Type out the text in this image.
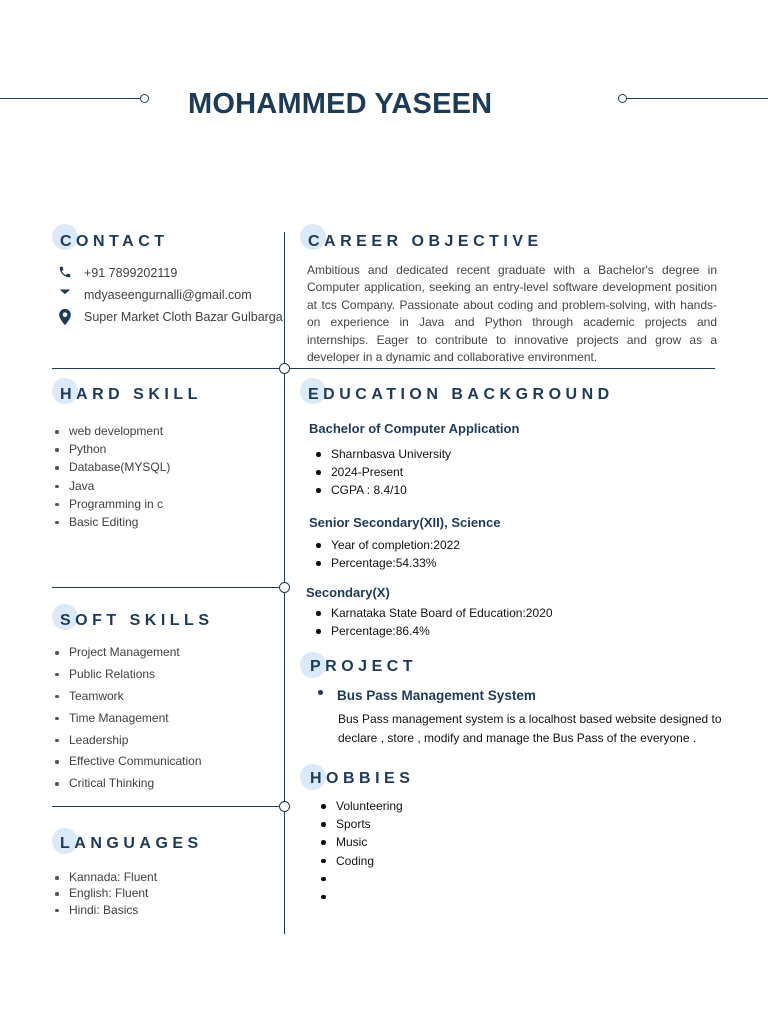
MOHAMMED YASEEN
CONTACT
+91 7899202119
mdyaseengurnalli@gmail.com
Super Market Cloth Bazar Gulbarga
CAREER OBJECTIVE
Ambitious and dedicated recent graduate with a Bachelor's degree in Computer application, seeking an entry-level software development position at tcs Company. Passionate about coding and problem-solving, with hands-on experience in Java and Python through academic projects and internships. Eager to contribute to innovative projects and grow as a developer in a dynamic and collaborative environment.
HARD SKILL
web development
Python
Database(MYSQL)
Java
Programming in c
Basic Editing
EDUCATION BACKGROUND
Bachelor of Computer Application
Sharnbasva University
2024-Present
CGPA : 8.4/10
Senior Secondary(XII), Science
Year of completion:2022
Percentage:54.33%
Secondary(X)
Karnataka State Board of Education:2020
Percentage:86.4%
SOFT SKILLS
Project Management
Public Relations
Teamwork
Time Management
Leadership
Effective Communication
Critical Thinking
PROJECT
Bus Pass Management System
Bus Pass management system is a localhost based website designed to declare , store , modify and manage the Bus Pass of the everyone .
HOBBIES
Volunteering
Sports
Music
Coding
LANGUAGES
Kannada: Fluent
English: Fluent
Hindi: Basics
